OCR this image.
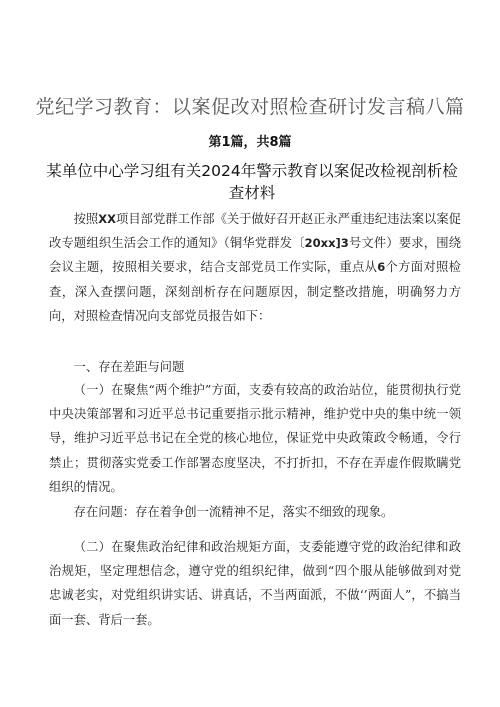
党纪学习教育：以案促改对照检查研讨发言稿八篇
第1篇，共8篇
某单位中心学习组有关2024年警示教育以案促改检视剖析检查材料

按照XX项目部党群工作部《关于做好召开赵正永严重违纪违法案以案促改专题组织生活会工作的通知》（铜华党群发〔20xx]3号文件）要求，围绕会议主题，按照相关要求，结合支部党员工作实际，重点从6个方面对照检查，深入查摆问题，深刻剖析存在问题原因，制定整改措施，明确努力方向，对照检查情况向支部党员报告如下：

一、存在差距与问题

（一）在聚焦“两个维护”方面，支委有较高的政治站位，能贯彻执行党中央决策部署和习近平总书记重要指示批示精神，维护党中央的集中统一领导，维护习近平总书记在全党的核心地位，保证党中央政策政令畅通，令行禁止；贯彻落实党委工作部署态度坚决，不打折扣，不存在弄虚作假欺瞒党组织的情况。

存在问题：存在着争创一流精神不足，落实不细致的现象。

（二）在聚焦政治纪律和政治规矩方面，支委能遵守党的政治纪律和政治规矩，坚定理想信念，遵守党的组织纪律，做到“四个服从能够做到对党忠诚老实，对党组织讲实话、讲真话，不当两面派，不做‘’两面人”，不搞当面一套、背后一套。
